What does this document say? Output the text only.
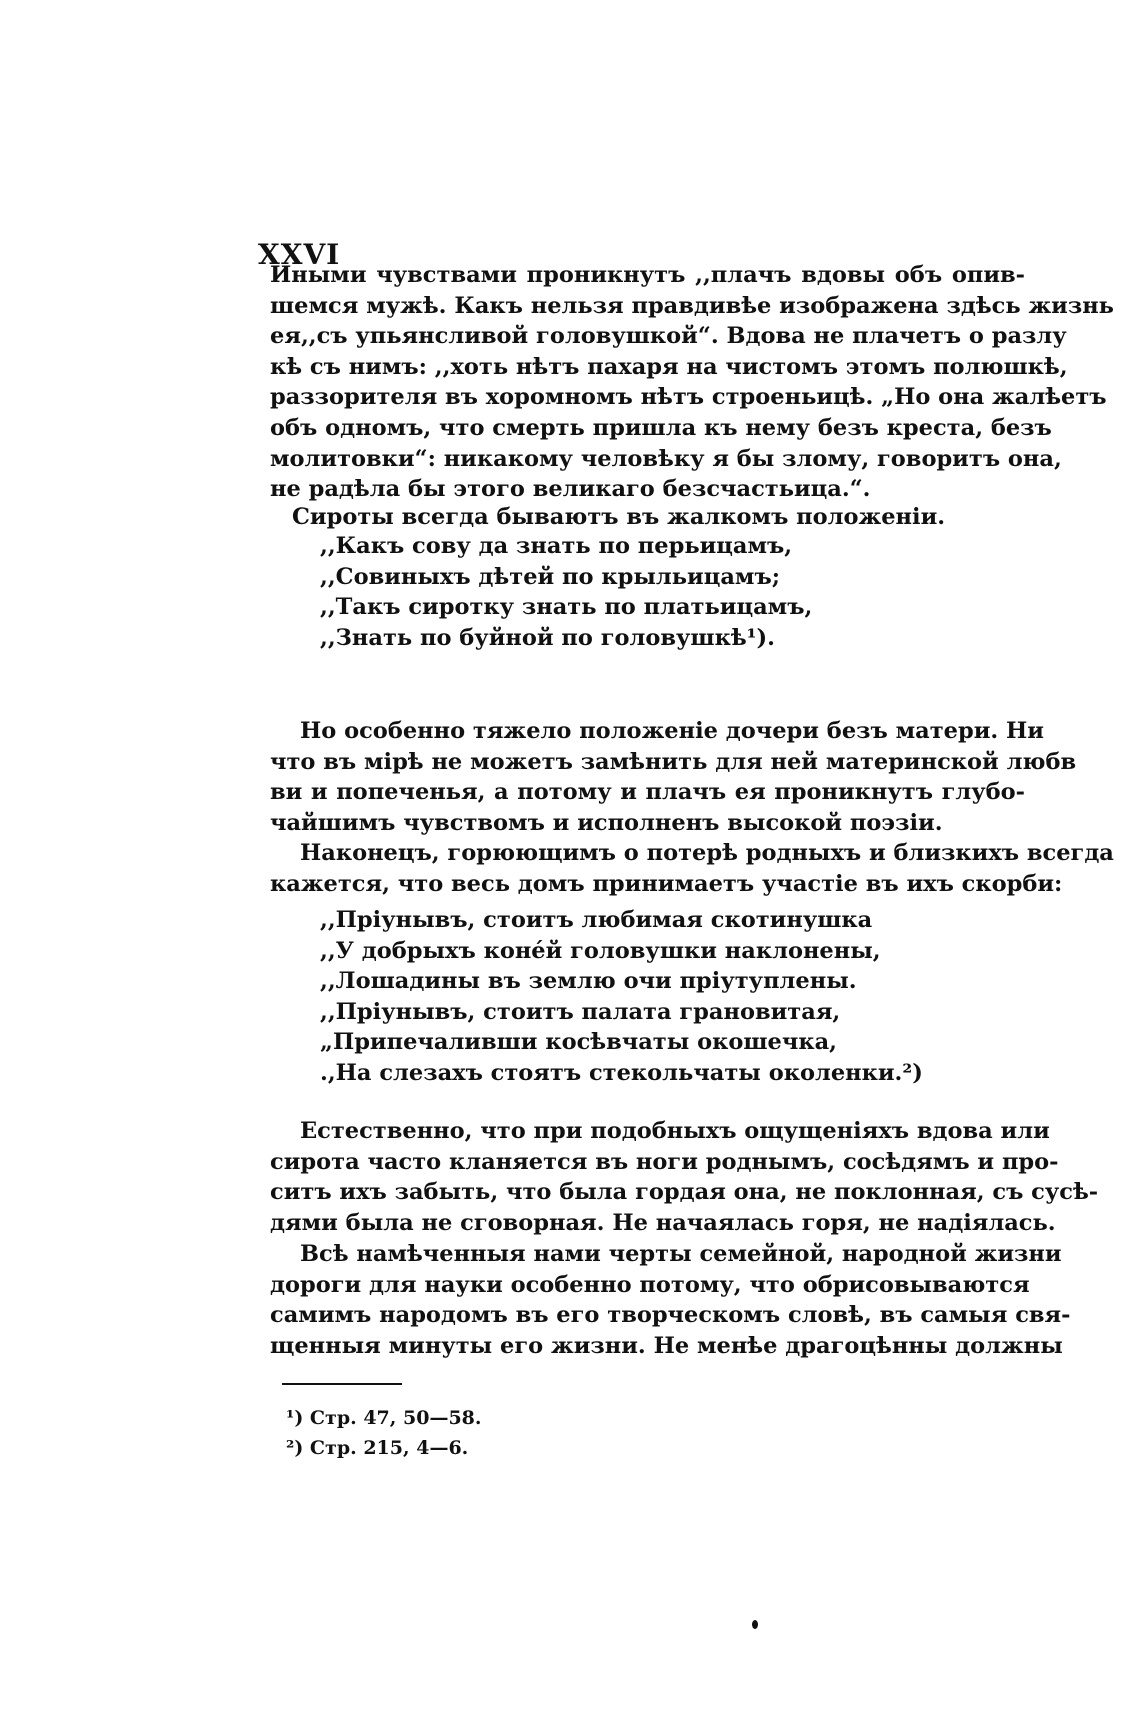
XXVI
Иными чувствами проникнутъ ,,плачъ вдовы объ опив-
шемся мужѣ. Какъ нельзя правдивѣе изображена здѣсь жизнь
ея,,съ упьянсливой головушкой“. Вдова не плачетъ о разлу
кѣ съ нимъ: ,,хоть нѣтъ пахаря на чистомъ этомъ полюшкѣ,
раззорителя въ хоромномъ нѣтъ строеньицѣ. „Но она жалѣетъ
объ одномъ, что смерть пришла къ нему безъ креста, безъ
молитовки“: никакому человѣку я бы злому, говоритъ она,
не радѣла бы этого великаго безсчастьица.“.
Сироты всегда бываютъ въ жалкомъ положеніи.
,,Какъ сову да знать по перьицамъ,
,,Совиныхъ дѣтей по крыльицамъ;
,,Такъ сиротку знать по платьицамъ,
,,Знать по буйной по головушкѣ¹).
Но особенно тяжело положеніе дочери безъ матери. Ни
что въ мірѣ не можетъ замѣнить для ней материнской любв
ви и попеченья, а потому и плачъ ея проникнутъ глубо-
чайшимъ чувствомъ и исполненъ высокой поэзіи.
Наконецъ, горюющимъ о потерѣ родныхъ и близкихъ всегда
кажется, что весь домъ принимаетъ участіе въ ихъ скорби:
,,Пріунывъ, стоитъ любимая скотинушка
,,У добрыхъ конéй головушки наклонены,
,,Лошадины въ землю очи пріутуплены.
,,Пріунывъ, стоитъ палата грановитая,
„Припечаливши косѣвчаты окошечка,
.,На слезахъ стоятъ стекольчаты околенки.²)
Естественно, что при подобныхъ ощущеніяхъ вдова или
сирота часто кланяется въ ноги роднымъ, сосѣдямъ и про-
ситъ ихъ забыть, что была гордая она, не поклонная, съ сусѣ-
дями была не сговорная. Не начаялась горя, не надіялась.
Всѣ намѣченныя нами черты семейной, народной жизни
дороги для науки особенно потому, что обрисовываются
самимъ народомъ въ его творческомъ словѣ, въ самыя свя-
щенныя минуты его жизни. Не менѣе драгоцѣнны должны
¹) Стр. 47, 50—58.
²) Стр. 215, 4—6.
